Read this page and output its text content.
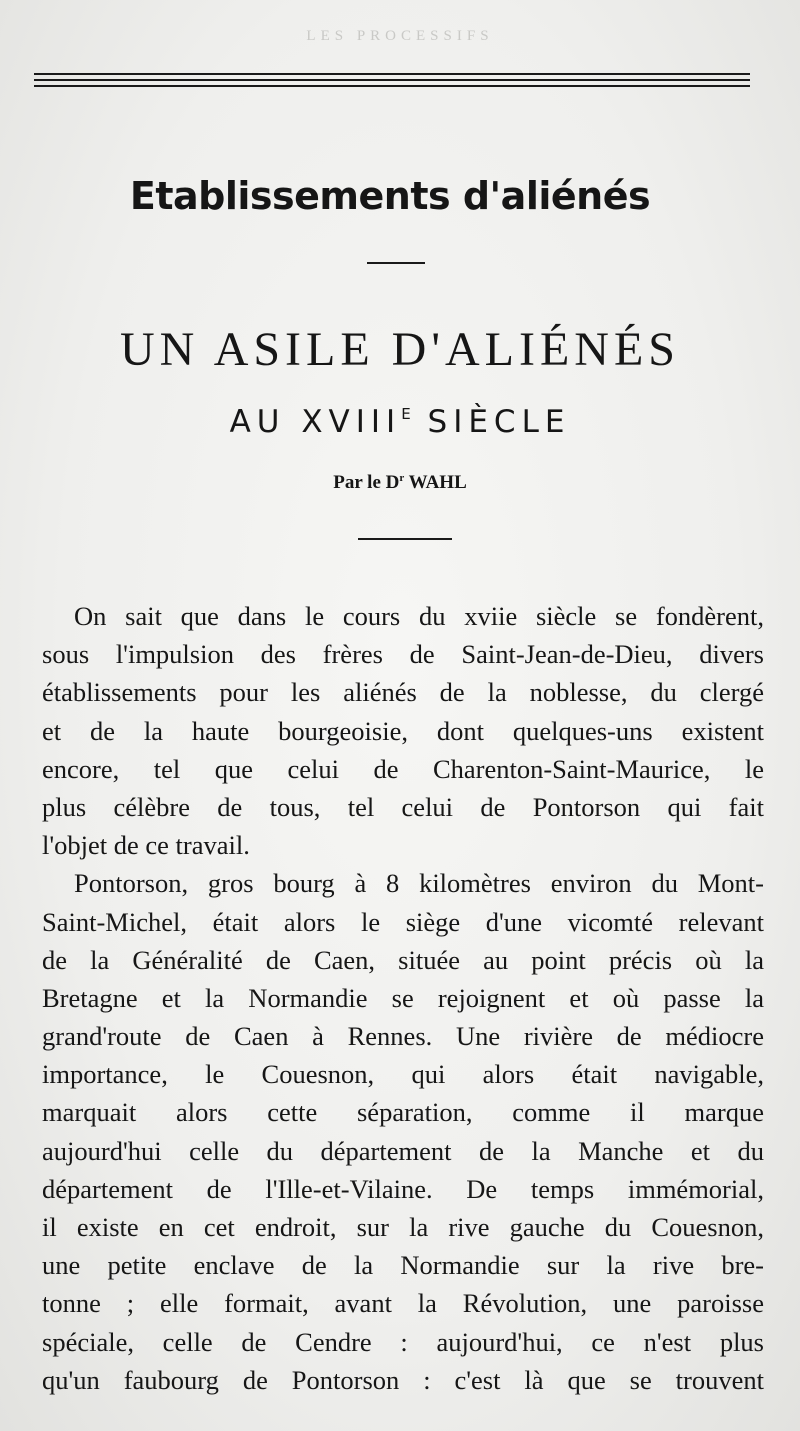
LES PROCESSIFS
Etablissements d'aliénés
UN ASILE D'ALIÉNÉS
AU $XVIII^E$ SIÈCLE
Par le $D^r$ WAHL
On sait que dans le cours du xviie siècle se fondèrent,
sous l'impulsion des frères de Saint-Jean-de-Dieu, divers
établissements pour les aliénés de la noblesse, du clergé
et de la haute bourgeoisie, dont quelques-uns existent
encore, tel que celui de Charenton-Saint-Maurice, le
plus célèbre de tous, tel celui de Pontorson qui fait
l'objet de ce travail.
Pontorson, gros bourg à 8 kilomètres environ du Mont-
Saint-Michel, était alors le siège d'une vicomté relevant
de la Généralité de Caen, située au point précis où la
Bretagne et la Normandie se rejoignent et où passe la
grand'route de Caen à Rennes. Une rivière de médiocre
importance, le Couesnon, qui alors était navigable,
marquait alors cette séparation, comme il marque
aujourd'hui celle du département de la Manche et du
département de l'Ille-et-Vilaine. De temps immémorial,
il existe en cet endroit, sur la rive gauche du Couesnon,
une petite enclave de la Normandie sur la rive bre-
tonne ; elle formait, avant la Révolution, une paroisse
spéciale, celle de Cendre : aujourd'hui, ce n'est plus
qu'un faubourg de Pontorson : c'est là que se trouvent
